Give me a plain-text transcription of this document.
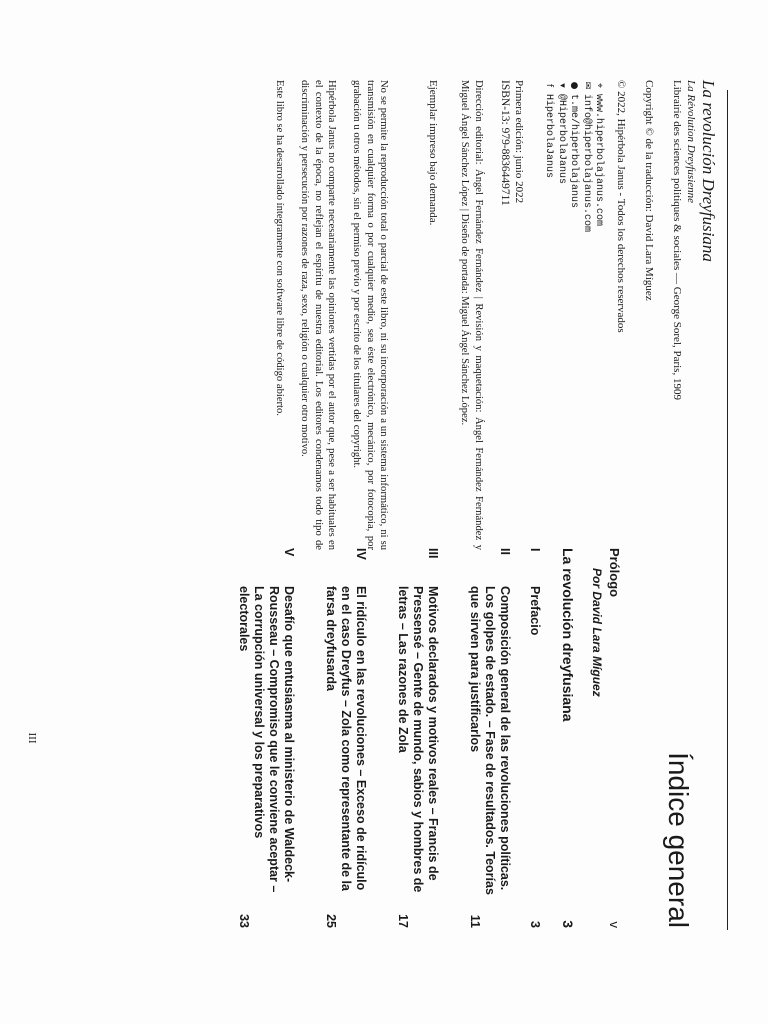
La revolución Dreyfusiana
La Révolution Dreyfusienne
Librairie des sciences politiques & sociales — George Sorel, Paris, 1909
Copyright © de la traducción: David Lara Míguez
© 2022, Hipérbola Janus - Todos los derechos reservados
⌖www.hiperbolajanus.com
✉info@hiperbolajanus.com
●t.me/hiperbolajanus
▾@HiperbolaJanus
fHiperbolaJanus
Primera edición: junio 2022
ISBN-13: 979-8836449711
Dirección editorial: Ángel Fernández Fernández | Revisión y maquetación: Ángel Fernández Fernández y Miguel Ángel Sánchez López | Diseño de portada: Miguel Ángel Sánchez López.
Ejemplar impreso bajo demanda.
No se permite la reproducción total o parcial de este libro, ni su incorporación a un sistema informático, ni su transmisión en cualquier forma o por cualquier medio, sea éste electrónico, mecánico, por fotocopia, por grabación u otros métodos, sin el permiso previo y por escrito de los titulares del copyright.
Hipérbola Janus no comparte necesariamente las opiniones vertidas por el autor que, pese a ser habituales en el contexto de la época, no reflejan el espíritu de nuestra editorial. Los editores condenamos todo tipo de discriminación y persecución por razones de raza, sexo, religión o cualquier otro motivo.
Este libro se ha desarrollado íntegramente con software libre de código abierto.
Índice general
Prólogo
v
Por David Lara Míguez
La revolución dreyfusiana
3
I
Prefacio
3
II
Composición general de las revoluciones políticas. Los golpes de estado. – Fase de resultados. Teorías que sirven para justificarlos
11
III
Motivos declarados y motivos reales – Francis de Pressensé – Gente de mundo, sabios y hombres de letras – Las razones de Zola
17
IV
El ridículo en las revoluciones – Exceso de ridículo en el caso Dreyfus – Zola como representante de la farsa dreyfusarda
25
V
Desafío que entusiasma al ministerio de Waldeck-Rousseau – Compromiso que le conviene aceptar – La corrupción universal y los preparativos electorales
33
III
